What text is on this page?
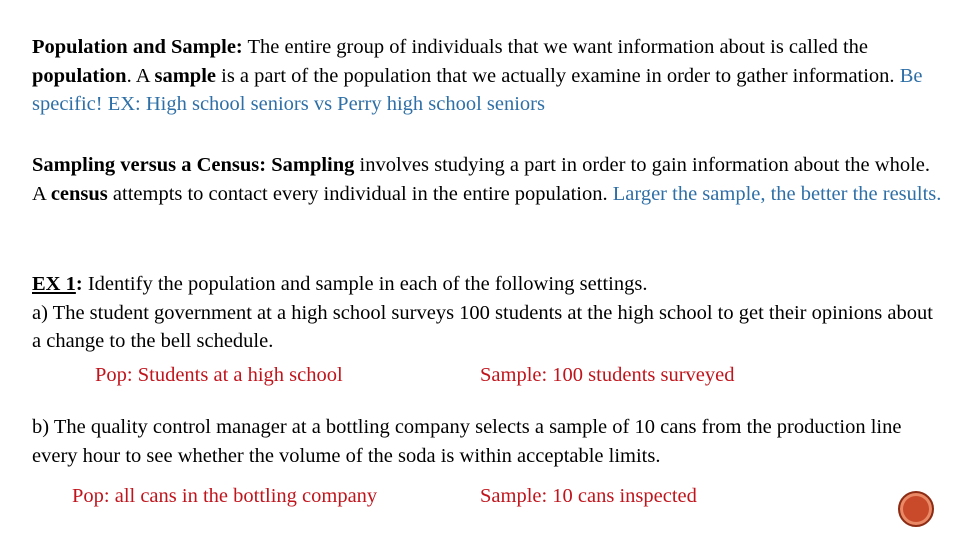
Population and Sample: The entire group of individuals that we want information about is called the population. A sample is a part of the population that we actually examine in order to gather information. Be specific! EX: High school seniors vs Perry high school seniors

Sampling versus a Census: Sampling involves studying a part in order to gain information about the whole. A census attempts to contact every individual in the entire population. Larger the sample, the better the results.

EX 1: Identify the population and sample in each of the following settings.
a) The student government at a high school surveys 100 students at the high school to get their opinions about a change to the bell schedule.

Pop: Students at a high school	Sample: 100 students surveyed

b) The quality control manager at a bottling company selects a sample of 10 cans from the production line every hour to see whether the volume of the soda is within acceptable limits.

Pop: all cans in the bottling company	Sample: 10 cans inspected
